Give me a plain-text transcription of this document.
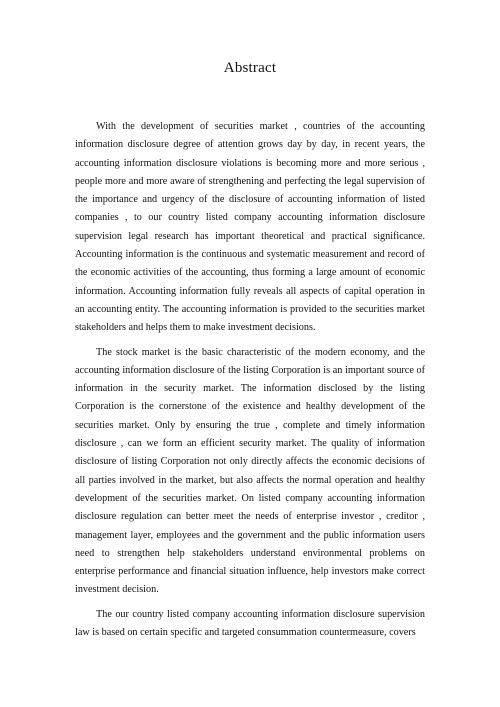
Abstract

With the development of securities market , countries of the accounting information disclosure degree of attention grows day by day, in recent years, the accounting information disclosure violations is becoming more and more serious , people more and more aware of strengthening and perfecting the legal supervision of the importance and urgency of the disclosure of accounting information of listed companies , to our country listed company accounting information disclosure supervision legal research has important theoretical and practical significance. Accounting information is the continuous and systematic measurement and record of the economic activities of the accounting, thus forming a large amount of economic information. Accounting information fully reveals all aspects of capital operation in an accounting entity. The accounting information is provided to the securities market stakeholders and helps them to make investment decisions.

The stock market is the basic characteristic of the modern economy, and the accounting information disclosure of the listing Corporation is an important source of information in the security market. The information disclosed by the listing Corporation is the cornerstone of the existence and healthy development of the securities market. Only by ensuring the true , complete and timely information disclosure , can we form an efficient security market. The quality of information disclosure of listing Corporation not only directly affects the economic decisions of all parties involved in the market, but also affects the normal operation and healthy development of the securities market. On listed company accounting information disclosure regulation can better meet the needs of enterprise investor , creditor , management layer, employees and the government and the public information users need to strengthen help stakeholders understand environmental problems on enterprise performance and financial situation influence, help investors make correct investment decision.

The our country listed company accounting information disclosure supervision law is based on certain specific and targeted consummation countermeasure, covers
